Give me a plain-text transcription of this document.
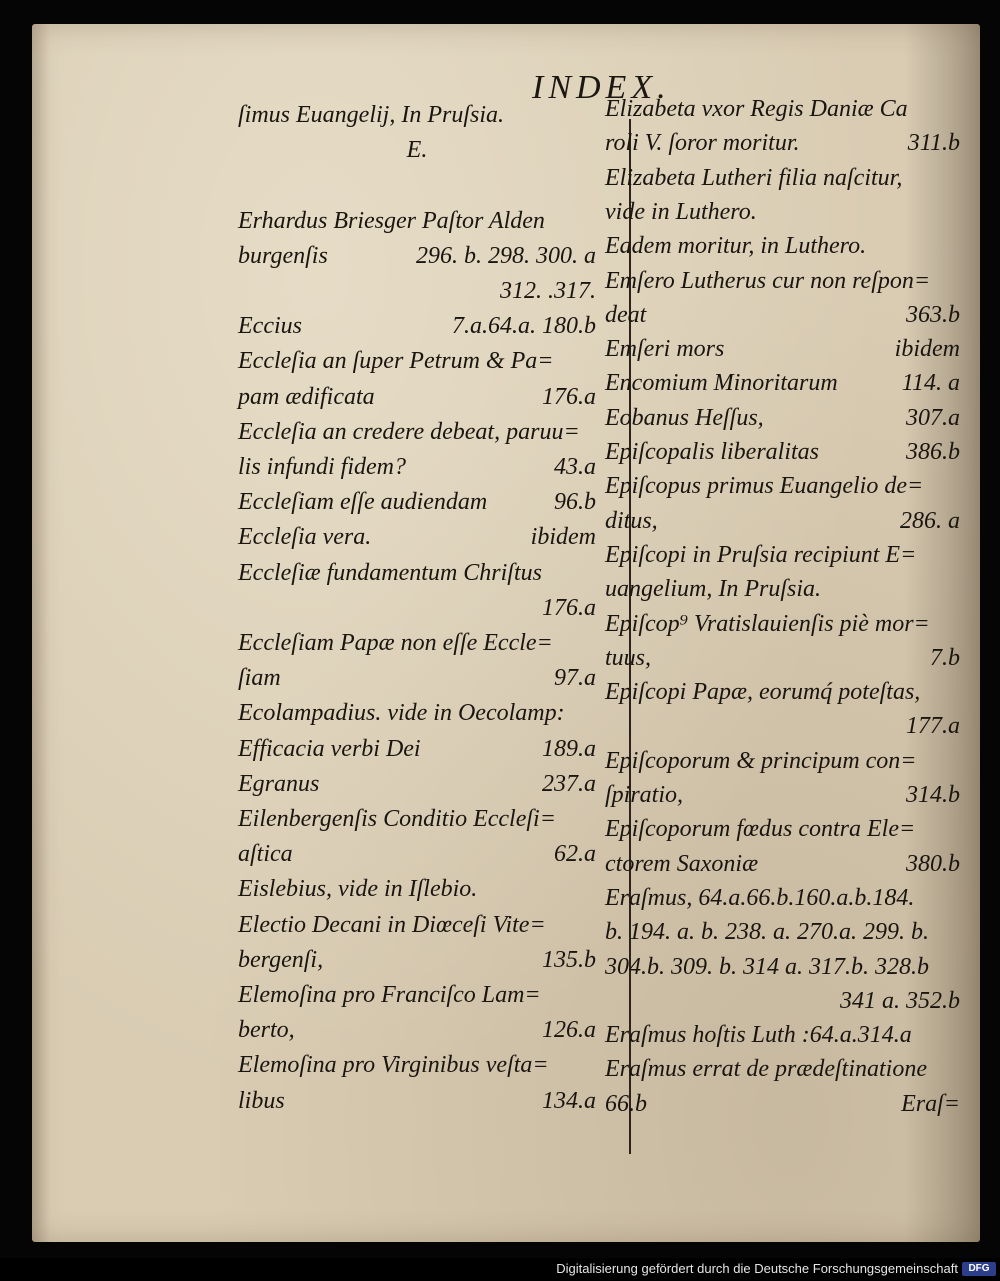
INDEX.
ſimus Euangelij, In Pruſsia.
E.
Erhardus Briesger Paſtor Alden
burgenſis	296. b. 298. 300. a
312. .317.
Eccius	7.a.64.a. 180.b
Eccleſia an ſuper Petrum & Pa=
pam ædificata	176.a
Eccleſia an credere debeat, paruu=
lis infundi fidem?	43.a
Eccleſiam eſſe audiendam	96.b
Eccleſia vera.	ibidem
Eccleſiæ fundamentum Chriſtus
176.a
Eccleſiam Papæ non eſſe Eccle=
ſiam	97.a
Ecolampadius. vide in Oecolamp:
Efficacia verbi Dei	189.a
Egranus	237.a
Eilenbergenſis Conditio Eccleſi=
aſtica	62.a
Eislebius, vide in Iſlebio.
Electio Decani in Diœceſi Vite=
bergenſi,	135.b
Elemoſina pro Franciſco Lam=
berto,	126.a
Elemoſina pro Virginibus veſta=
libus	134.a
Elizabeta vxor Regis Daniæ Ca
roli V. ſoror moritur.	311.b
Elizabeta Lutheri filia naſcitur,
vide in Luthero.
Eadem moritur, in Luthero.
Emſero Lutherus cur non reſpon=
deat	363.b
Emſeri mors	ibidem
Encomium Minoritarum	114. a
Eobanus Heſſus,	307.a
Epiſcopalis liberalitas	386.b
Epiſcopus primus Euangelio de=
ditus,	286. a
Epiſcopi in Pruſsia recipiunt E=
uangelium, In Pruſsia.
Epiſcop⁹ Vratislauienſis piè mor=
tuus,	7.b
Epiſcopi Papæ, eorumq́ poteſtas,
177.a
Epiſcoporum & principum con=
ſpiratio,	314.b
Epiſcoporum fœdus contra Ele=
ctorem Saxoniæ	380.b
Eraſmus, 64.a.66.b.160.a.b.184.
b. 194. a. b. 238. a. 270.a. 299. b.
304.b. 309. b. 314 a. 317.b. 328.b
341 a. 352.b
Eraſmus hoſtis Luth :64.a.314.a
Eraſmus errat de prædeſtinatione
66.b	Eraſ=
Digitalisierung gefördert durch die Deutsche Forschungsgemeinschaft	DFG
